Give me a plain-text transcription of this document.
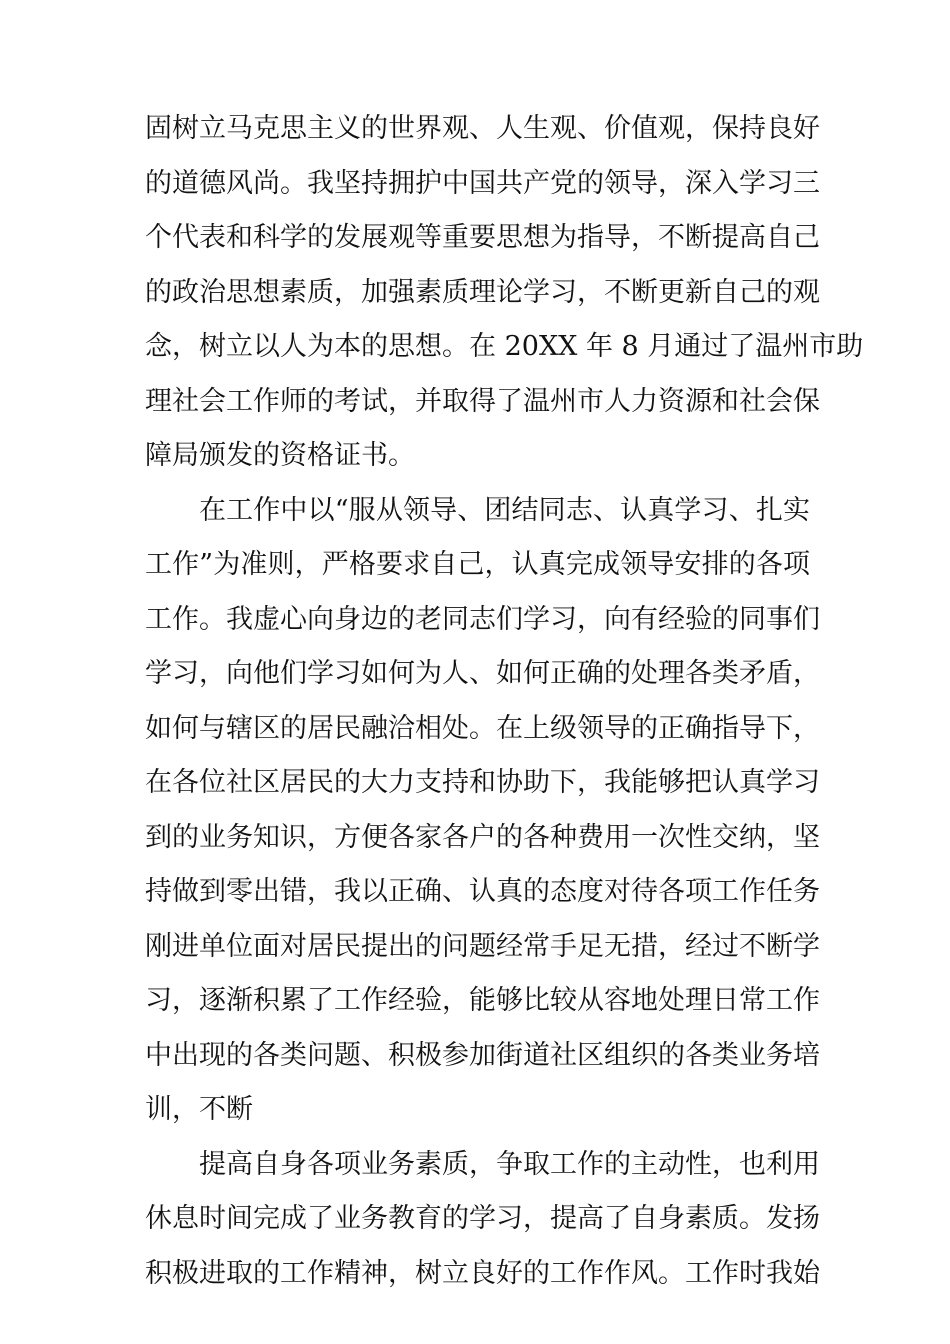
固树立马克思主义的世界观、人生观、价值观，保持良好
的道德风尚。我坚持拥护中国共产党的领导，深入学习三
个代表和科学的发展观等重要思想为指导，不断提高自己
的政治思想素质，加强素质理论学习，不断更新自己的观
念，树立以人为本的思想。在 20XX 年 8 月通过了温州市助
理社会工作师的考试，并取得了温州市人力资源和社会保
障局颁发的资格证书。
在工作中以“服从领导、团结同志、认真学习、扎实
工作”为准则，严格要求自己，认真完成领导安排的各项
工作。我虚心向身边的老同志们学习，向有经验的同事们
学习，向他们学习如何为人、如何正确的处理各类矛盾，
如何与辖区的居民融洽相处。在上级领导的正确指导下，
在各位社区居民的大力支持和协助下，我能够把认真学习
到的业务知识，方便各家各户的各种费用一次性交纳，坚
持做到零出错，我以正确、认真的态度对待各项工作任务
刚进单位面对居民提出的问题经常手足无措，经过不断学
习，逐渐积累了工作经验，能够比较从容地处理日常工作
中出现的各类问题、积极参加街道社区组织的各类业务培
训，不断
提高自身各项业务素质，争取工作的主动性，也利用
休息时间完成了业务教育的学习，提高了自身素质。发扬
积极进取的工作精神，树立良好的工作作风。工作时我始
